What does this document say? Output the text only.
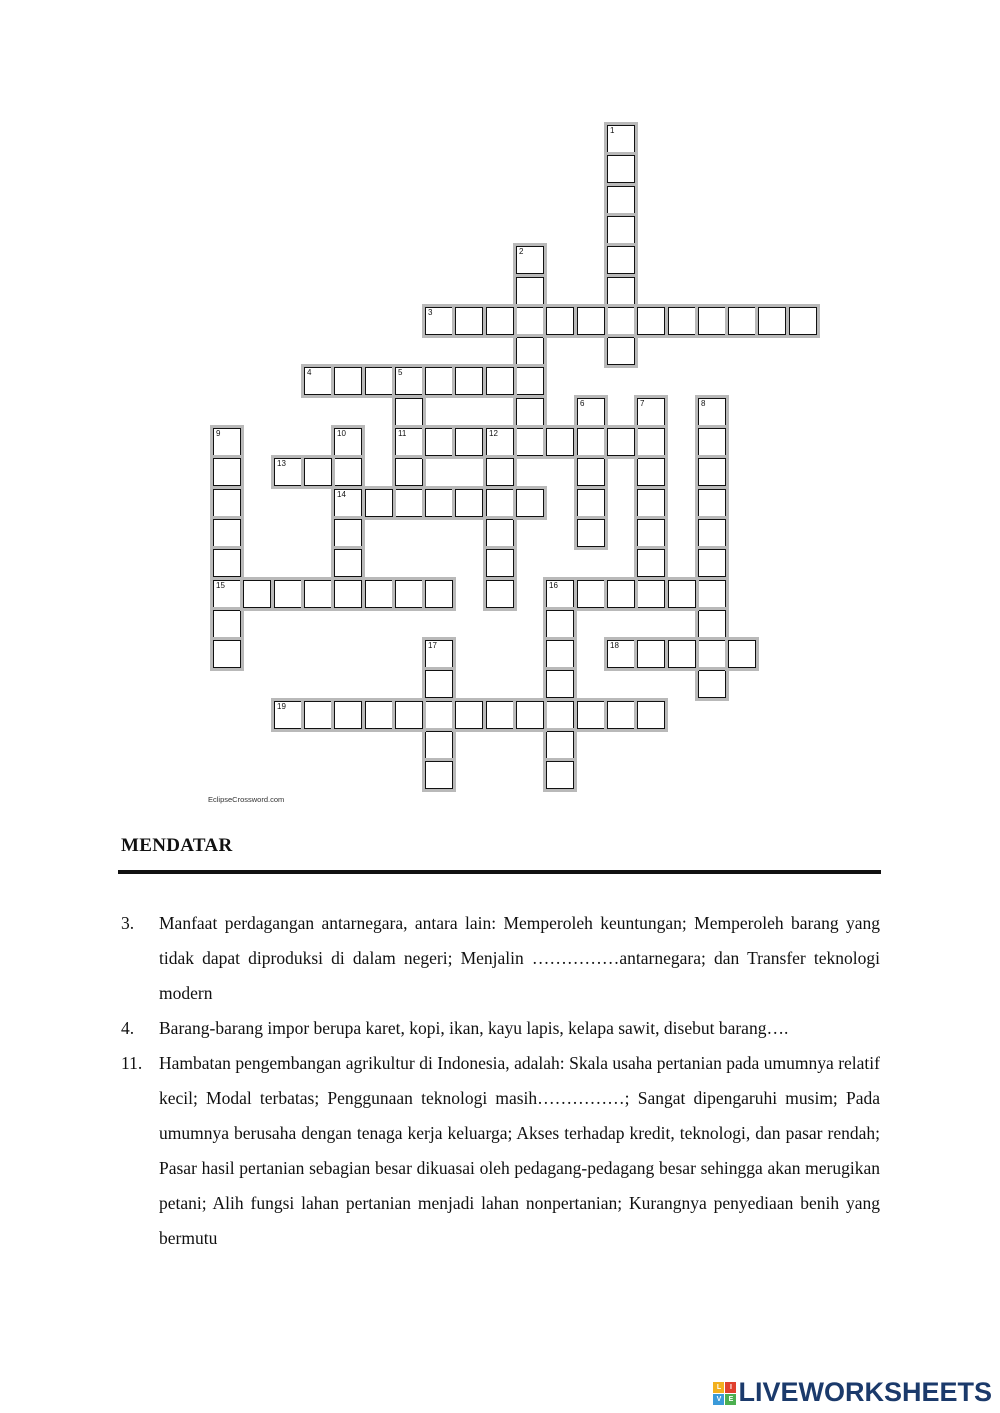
1
2
3
4	5
11
6	7	8
9
15
10
14
12
13
16
17	18
19
EclipseCrossword.com
MENDATAR
3. Manfaat perdagangan antarnegara, antara lain: Memperoleh keuntungan; Memperoleh barang yang tidak dapat diproduksi di dalam negeri; Menjalin ……………antarnegara; dan Transfer teknologi modern
4. Barang-barang impor berupa karet, kopi, ikan, kayu lapis, kelapa sawit, disebut barang….
11. Hambatan pengembangan agrikultur di Indonesia, adalah: Skala usaha pertanian pada umumnya relatif kecil; Modal terbatas; Penggunaan teknologi masih……………; Sangat dipengaruhi musim; Pada umumnya berusaha dengan tenaga kerja keluarga; Akses terhadap kredit, teknologi, dan pasar rendah; Pasar hasil pertanian sebagian besar dikuasai oleh pedagang-pedagang besar sehingga akan merugikan petani; Alih fungsi lahan pertanian menjadi lahan nonpertanian; Kurangnya penyediaan benih yang bermutu
L	I
V	E LIVEWORKSHEETS
